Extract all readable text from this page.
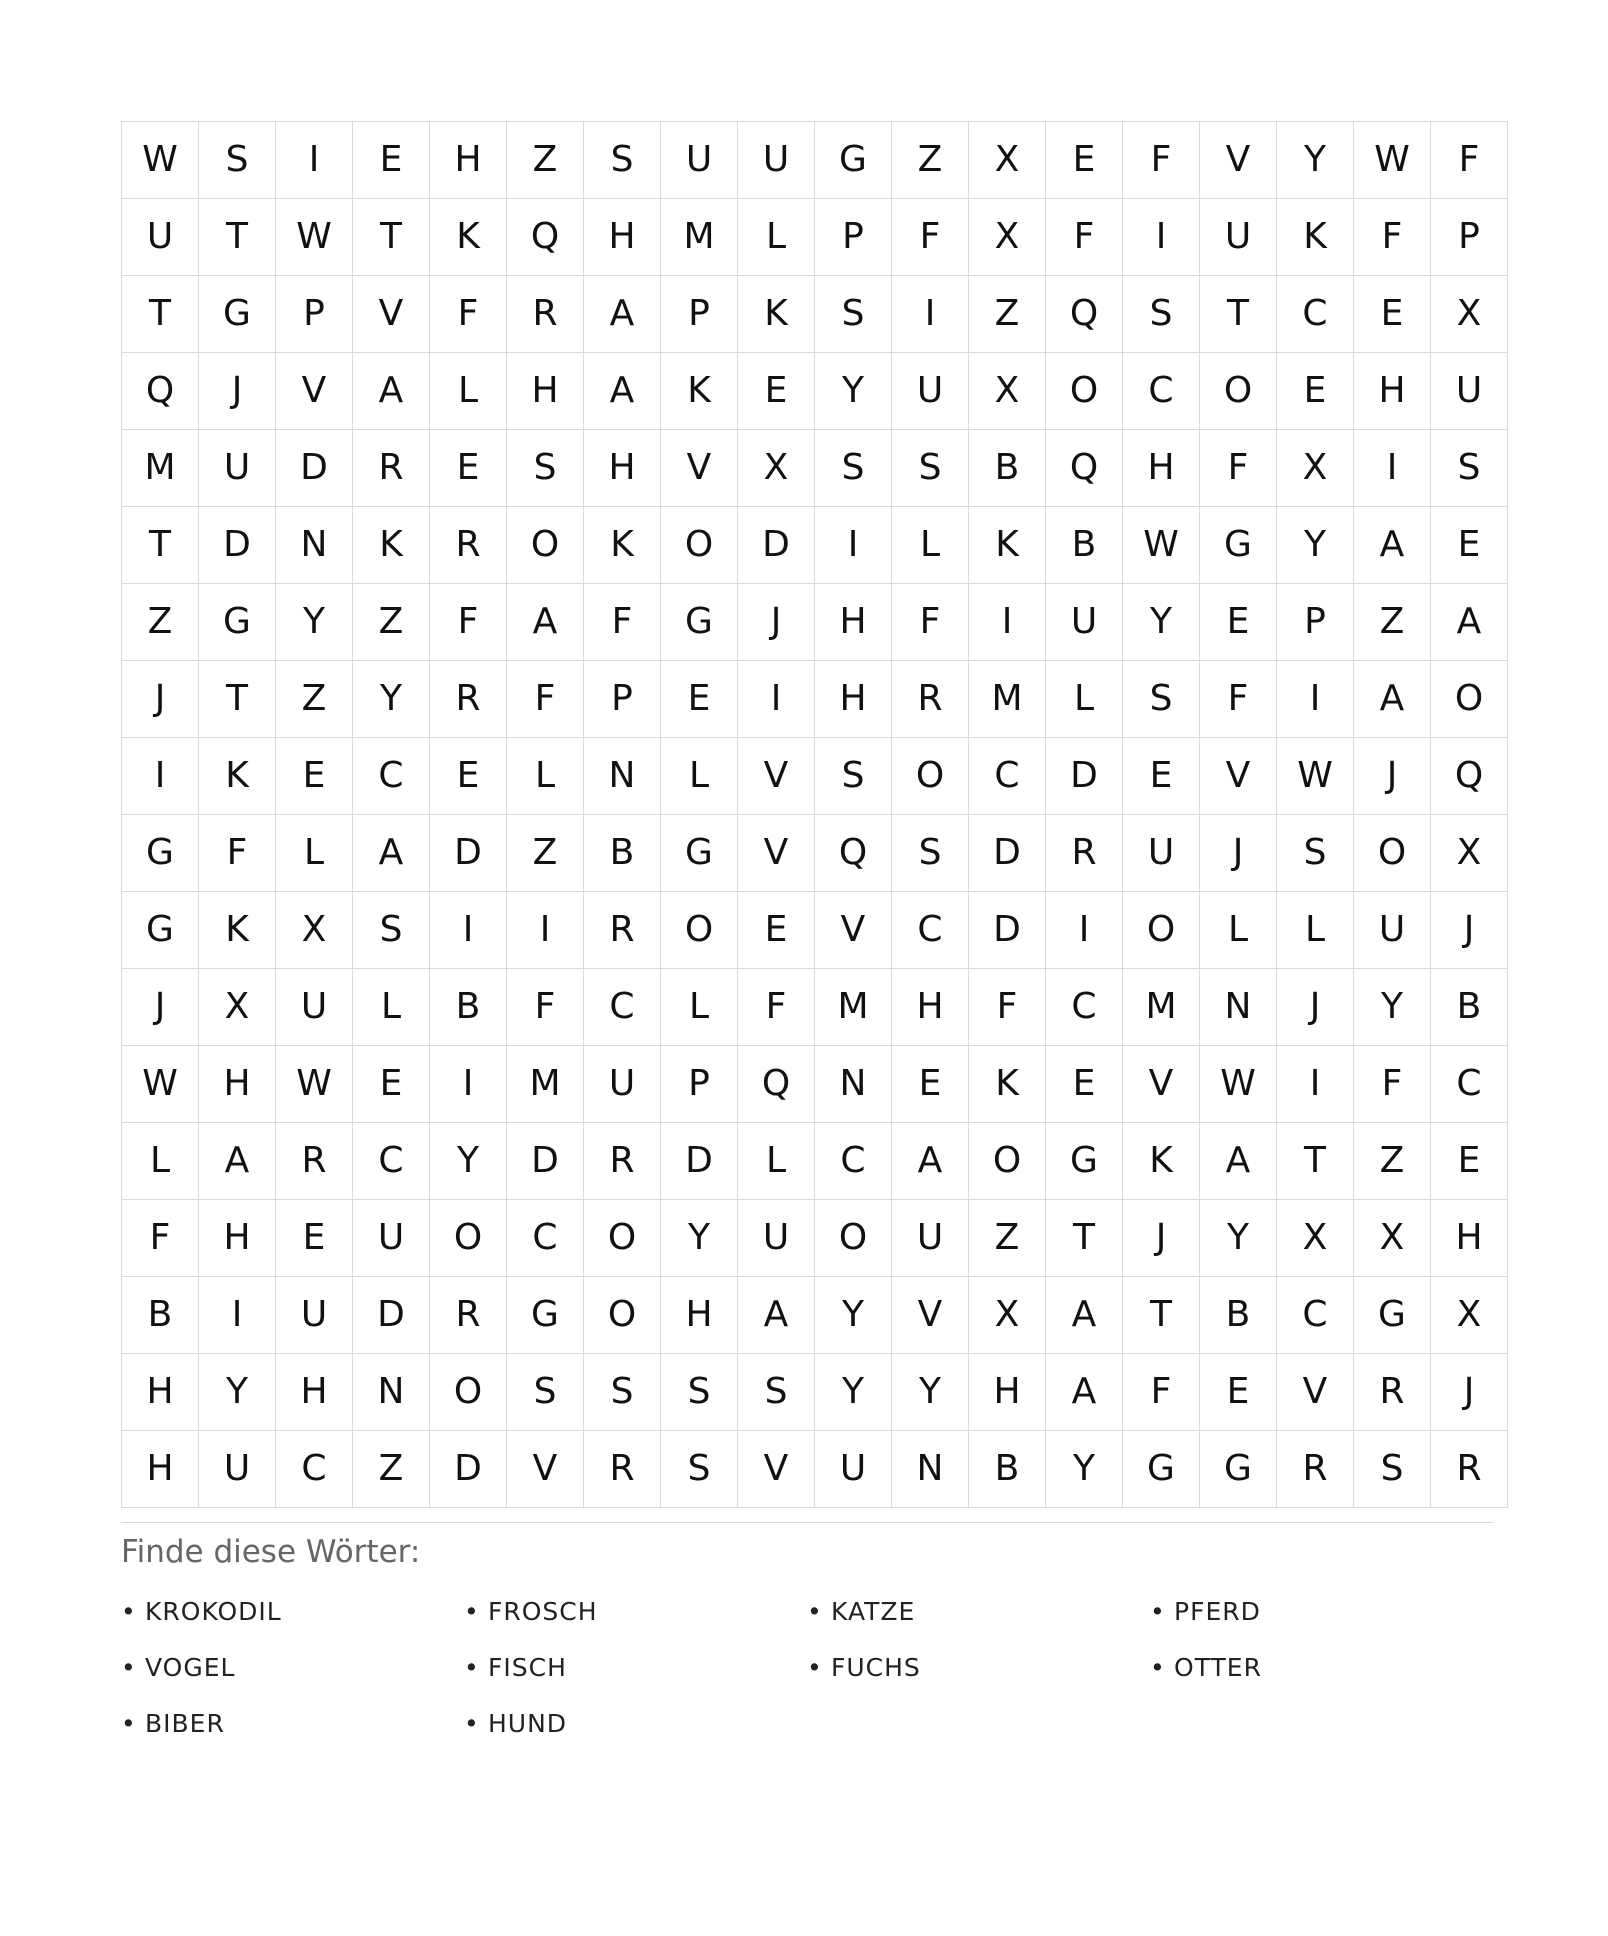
W	S	I	E	H	Z	S	U	U	G	Z	X	E	F	V	Y	W	F
U	T	W	T	K	Q	H	M	L	P	F	X	F	I	U	K	F	P
T	G	P	V	F	R	A	P	K	S	I	Z	Q	S	T	C	E	X
Q	J	V	A	L	H	A	K	E	Y	U	X	O	C	O	E	H	U
M	U	D	R	E	S	H	V	X	S	S	B	Q	H	F	X	I	S
T	D	N	K	R	O	K	O	D	I	L	K	B	W	G	Y	A	E
Z	G	Y	Z	F	A	F	G	J	H	F	I	U	Y	E	P	Z	A
J	T	Z	Y	R	F	P	E	I	H	R	M	L	S	F	I	A	O
I	K	E	C	E	L	N	L	V	S	O	C	D	E	V	W	J	Q
G	F	L	A	D	Z	B	G	V	Q	S	D	R	U	J	S	O	X
G	K	X	S	I	I	R	O	E	V	C	D	I	O	L	L	U	J
J	X	U	L	B	F	C	L	F	M	H	F	C	M	N	J	Y	B
W	H	W	E	I	M	U	P	Q	N	E	K	E	V	W	I	F	C
L	A	R	C	Y	D	R	D	L	C	A	O	G	K	A	T	Z	E
F	H	E	U	O	C	O	Y	U	O	U	Z	T	J	Y	X	X	H
B	I	U	D	R	G	O	H	A	Y	V	X	A	T	B	C	G	X
H	Y	H	N	O	S	S	S	S	Y	Y	H	A	F	E	V	R	J
H	U	C	Z	D	V	R	S	V	U	N	B	Y	G	G	R	S	R
Finde diese Wörter:
• KROKODIL	• FROSCH	• KATZE	• PFERD
• VOGEL	• FISCH	• FUCHS	• OTTER
• BIBER	• HUND
